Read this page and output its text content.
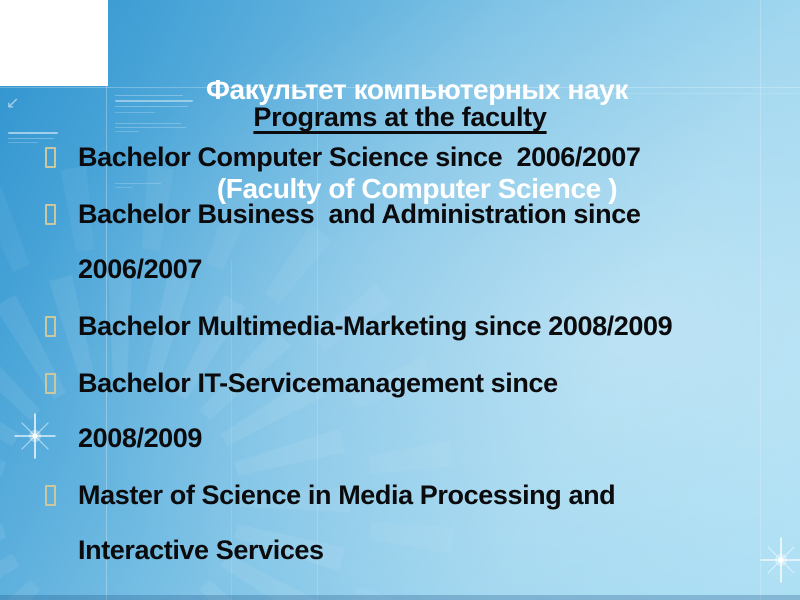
↙

	Факультет компьютерных наук

(Faculty of Computer Science )

Programs at the faculty
Bachelor Computer Science since  2006/2007
Bachelor Business  and Administration since
2006/2007
Bachelor Multimedia-Marketing since 2008/2009
Bachelor IT-Servicemanagement since
2008/2009
Master of Science in Media Processing and
Interactive Services
